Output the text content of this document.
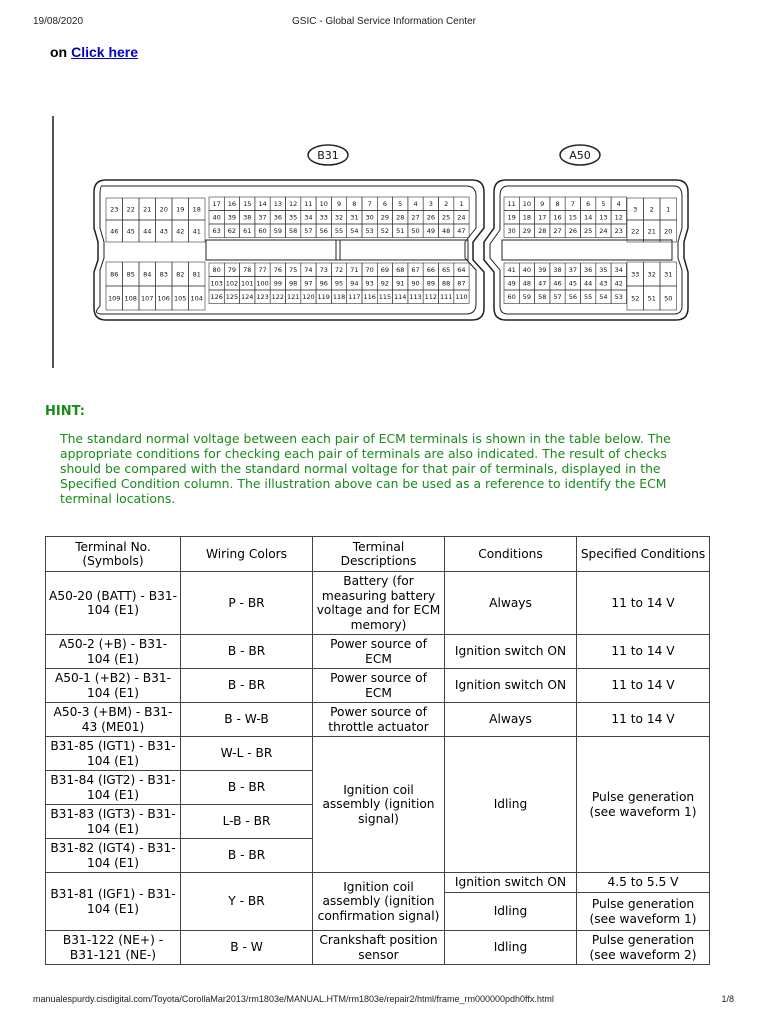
19/08/2020	GSIC - Global Service Information Center
on Click here
23 22 21 20 19 18
46 45 44 43 42 41
86 85 84 83 82 81
109 108 107 106 105 104
17 16 15 14 13 12 11 10 9 8 7 6 5 4 3 2 1
40 39 38 37 36 35 34 33 32 31 30 29 28 27 26 25 24
63 62 61 60 59 58 57 56 55 54 53 52 51 50 49 48 47
80 79 78 77 76 75 74 73 72 71 70 69 68 67 66 65 64
103 102 101 100 99 98 97 96 95 94 93 92 91 90 89 88 87
126 125 124 123 122 121 120 119 118 117 116 115 114 113 112 111 110
11 10 9 8 7 6 5 4
19 18 17 16 15 14 13 12
30 29 28 27 26 25 24 23
3 2 1
22 21 20
41 40 39 38 37 36 35 34
49 48 47 46 45 44 43 42
60 59 58 57 56 55 54 53
33 32 31
52 51 50
B31	A50
HINT:
The standard normal voltage between each pair of ECM terminals is shown in the table below. The
appropriate conditions for checking each pair of terminals are also indicated. The result of checks
should be compared with the standard normal voltage for that pair of terminals, displayed in the
Specified Condition column. The illustration above can be used as a reference to identify the ECM
terminal locations.
Terminal No. (Symbols)	Wiring Colors	Terminal Descriptions	Conditions	Specified Conditions
A50-20 (BATT) - B31-104 (E1)	P - BR	Battery (for measuring battery voltage and for ECM memory)	Always	11 to 14 V
A50-2 (+B) - B31-104 (E1)	B - BR	Power source of ECM	Ignition switch ON	11 to 14 V
A50-1 (+B2) - B31-104 (E1)	B - BR	Power source of ECM	Ignition switch ON	11 to 14 V
A50-3 (+BM) - B31-43 (ME01)	B - W-B	Power source of throttle actuator	Always	11 to 14 V
B31-85 (IGT1) - B31-104 (E1)	W-L - BR	Ignition coil assembly (ignition signal)	Idling	Pulse generation (see waveform 1)
B31-84 (IGT2) - B31-104 (E1)	B - BR			
B31-83 (IGT3) - B31-104 (E1)	L-B - BR			
B31-82 (IGT4) - B31-104 (E1)	B - BR			
B31-81 (IGF1) - B31-104 (E1)	Y - BR	Ignition coil assembly (ignition confirmation signal)	Ignition switch ON	4.5 to 5.5 V
			Idling	Pulse generation (see waveform 1)
B31-122 (NE+) - B31-121 (NE-)	B - W	Crankshaft position sensor	Idling	Pulse generation (see waveform 2)
manualespurdy.cisdigital.com/Toyota/CorollaMar2013/rm1803e/MANUAL.HTM/rm1803e/repair2/html/frame_rm000000pdh0ffx.html	1/8
